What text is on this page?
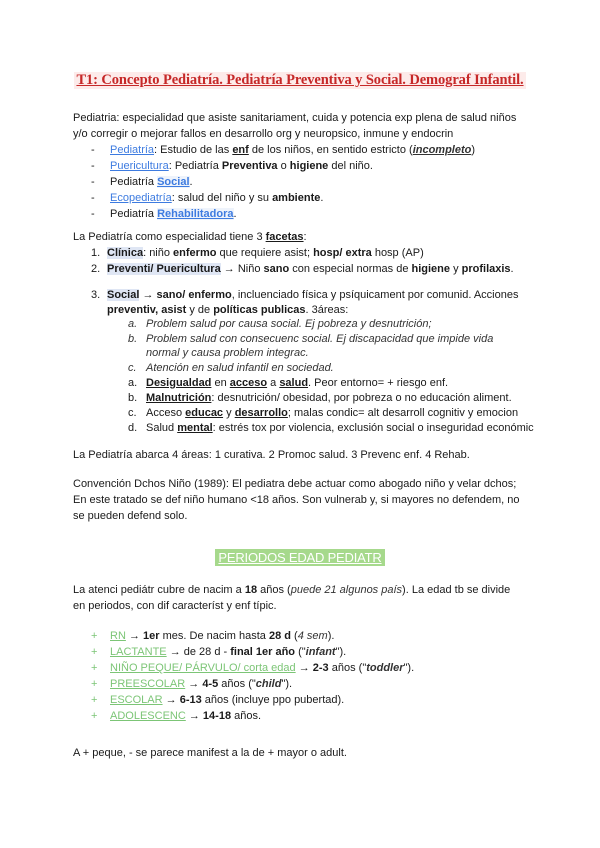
T1: Concepto Pediatría. Pediatría Preventiva y Social. Demograf Infantil.
Pediatria: especialidad que asiste sanitariament, cuida y potencia exp plena de salud niños
y/o corregir o mejorar fallos en desarrollo org y neuropsico, inmune y endocrin
- Pediatría: Estudio de las enf de los niños, en sentido estricto (incompleto)
- Puericultura: Pediatría Preventiva o higiene del niño.
- Pediatría Social.
- Ecopediatría: salud del niño y su ambiente.
- Pediatría Rehabilitadora.
La Pediatría como especialidad tiene 3 facetas:
1. Clínica: niño enfermo que requiere asist; hosp/ extra hosp (AP)
2. Preventi/ Puericultura → Niño sano con especial normas de higiene y profilaxis.
3. Social → sano/ enfermo, incluenciado física y psíquicament por comunid. Acciones
preventiv, asist y de políticas publicas. 3áreas:
a. Problem salud por causa social. Ej pobreza y desnutrición;
b. Problem salud con consecuenc social. Ej discapacidad que impide vida
normal y causa problem integrac.
c. Atención en salud infantil en sociedad.
a. Desigualdad en acceso a salud. Peor entorno= + riesgo enf.
b. Malnutrición: desnutrición/ obesidad, por pobreza o no educación aliment.
c. Acceso educac y desarrollo; malas condic= alt desarroll cognitiv y emocion
d. Salud mental: estrés tox por violencia, exclusión social o inseguridad económic
La Pediatría abarca 4 áreas: 1 curativa. 2 Promoc salud. 3 Prevenc enf. 4 Rehab.
Convención Dchos Niño (1989): El pediatra debe actuar como abogado niño y velar dchos;
En este tratado se def niño humano <18 años. Son vulnerab y, si mayores no defendem, no
se pueden defend solo.
PERIODOS EDAD PEDIATR
La atenci pediátr cubre de nacim a 18 años (puede 21 algunos país). La edad tb se divide
en periodos, con dif característ y enf típic.
+ RN → 1er mes. De nacim hasta 28 d (4 sem).
+ LACTANTE → de 28 d - final 1er año ("infant").
+ NIÑO PEQUE/ PÁRVULO/ corta edad → 2-3 años ("toddler").
+ PREESCOLAR → 4-5 años ("child").
+ ESCOLAR → 6-13 años (incluye ppo pubertad).
+ ADOLESCENC → 14-18 años.
A + peque, - se parece manifest a la de + mayor o adult.
